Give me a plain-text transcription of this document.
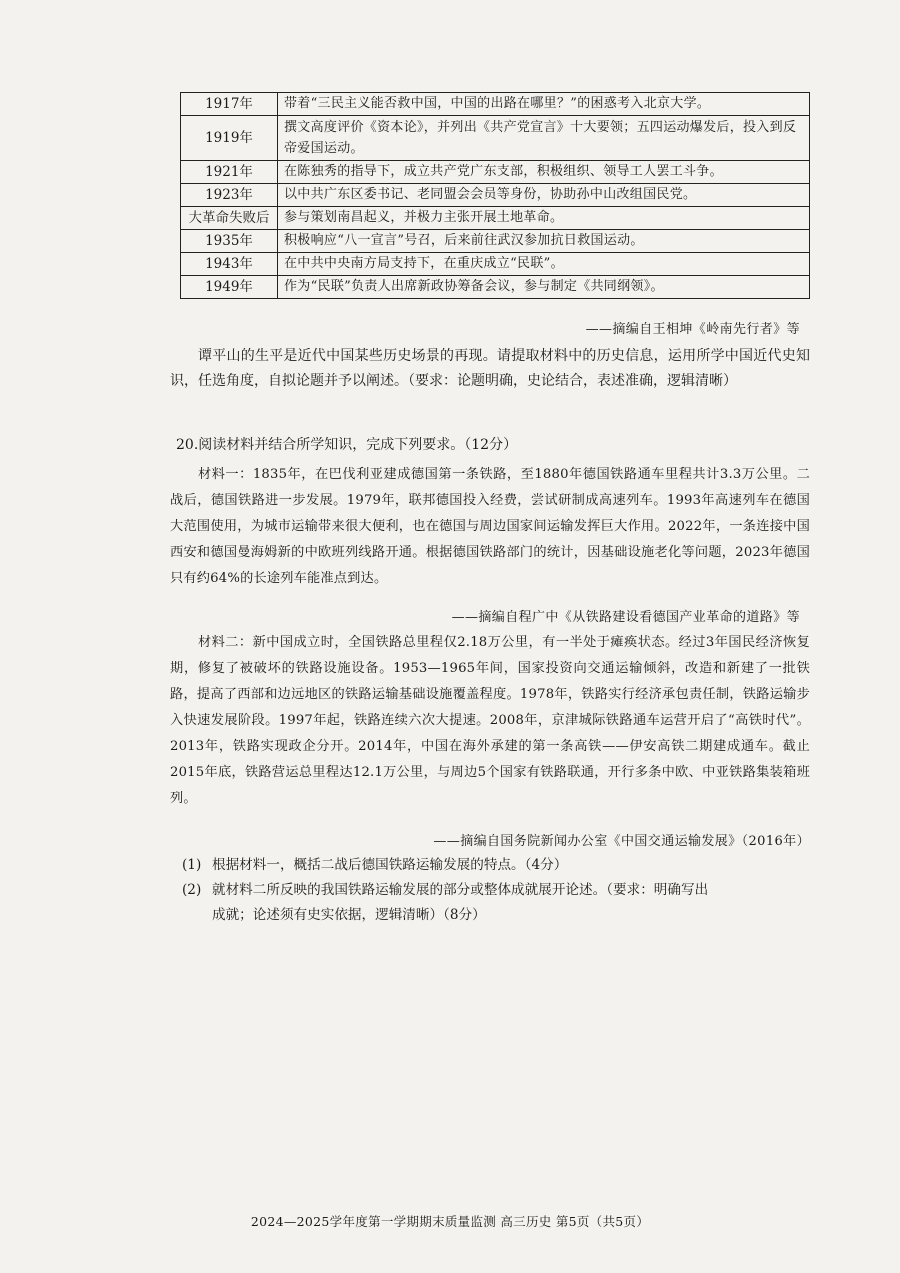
1917年	带着“三民主义能否救中国，中国的出路在哪里？”的困惑考入北京大学。
1919年	撰文高度评价《资本论》，并列出《共产党宣言》十大要领；五四运动爆发后，投入到反帝爱国运动。
1921年	在陈独秀的指导下，成立共产党广东支部，积极组织、领导工人罢工斗争。
1923年	以中共广东区委书记、老同盟会会员等身份，协助孙中山改组国民党。
大革命失败后	参与策划南昌起义，并极力主张开展土地革命。
1935年	积极响应“八一宣言”号召，后来前往武汉参加抗日救国运动。
1943年	在中共中央南方局支持下，在重庆成立“民联”。
1949年	作为“民联”负责人出席新政协筹备会议，参与制定《共同纲领》。
——摘编自王相坤《岭南先行者》等

谭平山的生平是近代中国某些历史场景的再现。请提取材料中的历史信息，运用所学中国近代史知识，任选角度，自拟论题并予以阐述。（要求：论题明确，史论结合，表述准确，逻辑清晰）

20.阅读材料并结合所学知识，完成下列要求。（12分）

材料一：1835年，在巴伐利亚建成德国第一条铁路，至1880年德国铁路通车里程共计3.3万公里。二战后，德国铁路进一步发展。1979年，联邦德国投入经费，尝试研制成高速列车。1993年高速列车在德国大范围使用，为城市运输带来很大便利，也在德国与周边国家间运输发挥巨大作用。2022年，一条连接中国西安和德国曼海姆新的中欧班列线路开通。根据德国铁路部门的统计，因基础设施老化等问题，2023年德国只有约64%的长途列车能准点到达。

——摘编自程广中《从铁路建设看德国产业革命的道路》等

材料二：新中国成立时，全国铁路总里程仅2.18万公里，有一半处于瘫痪状态。经过3年国民经济恢复期，修复了被破坏的铁路设施设备。1953—1965年间，国家投资向交通运输倾斜，改造和新建了一批铁路，提高了西部和边远地区的铁路运输基础设施覆盖程度。1978年，铁路实行经济承包责任制，铁路运输步入快速发展阶段。1997年起，铁路连续六次大提速。2008年，京津城际铁路通车运营开启了“高铁时代”。2013年，铁路实现政企分开。2014年，中国在海外承建的第一条高铁——伊安高铁二期建成通车。截止2015年底，铁路营运总里程达12.1万公里，与周边5个国家有铁路联通，开行多条中欧、中亚铁路集装箱班列。

——摘编自国务院新闻办公室《中国交通运输发展》（2016年）
(1) 根据材料一，概括二战后德国铁路运输发展的特点。（4分）
(2) 就材料二所反映的我国铁路运输发展的部分或整体成就展开论述。（要求：明确写出
成就；论述须有史实依据，逻辑清晰）（8分）
2024—2025学年度第一学期期末质量监测 高三历史 第5页（共5页）
